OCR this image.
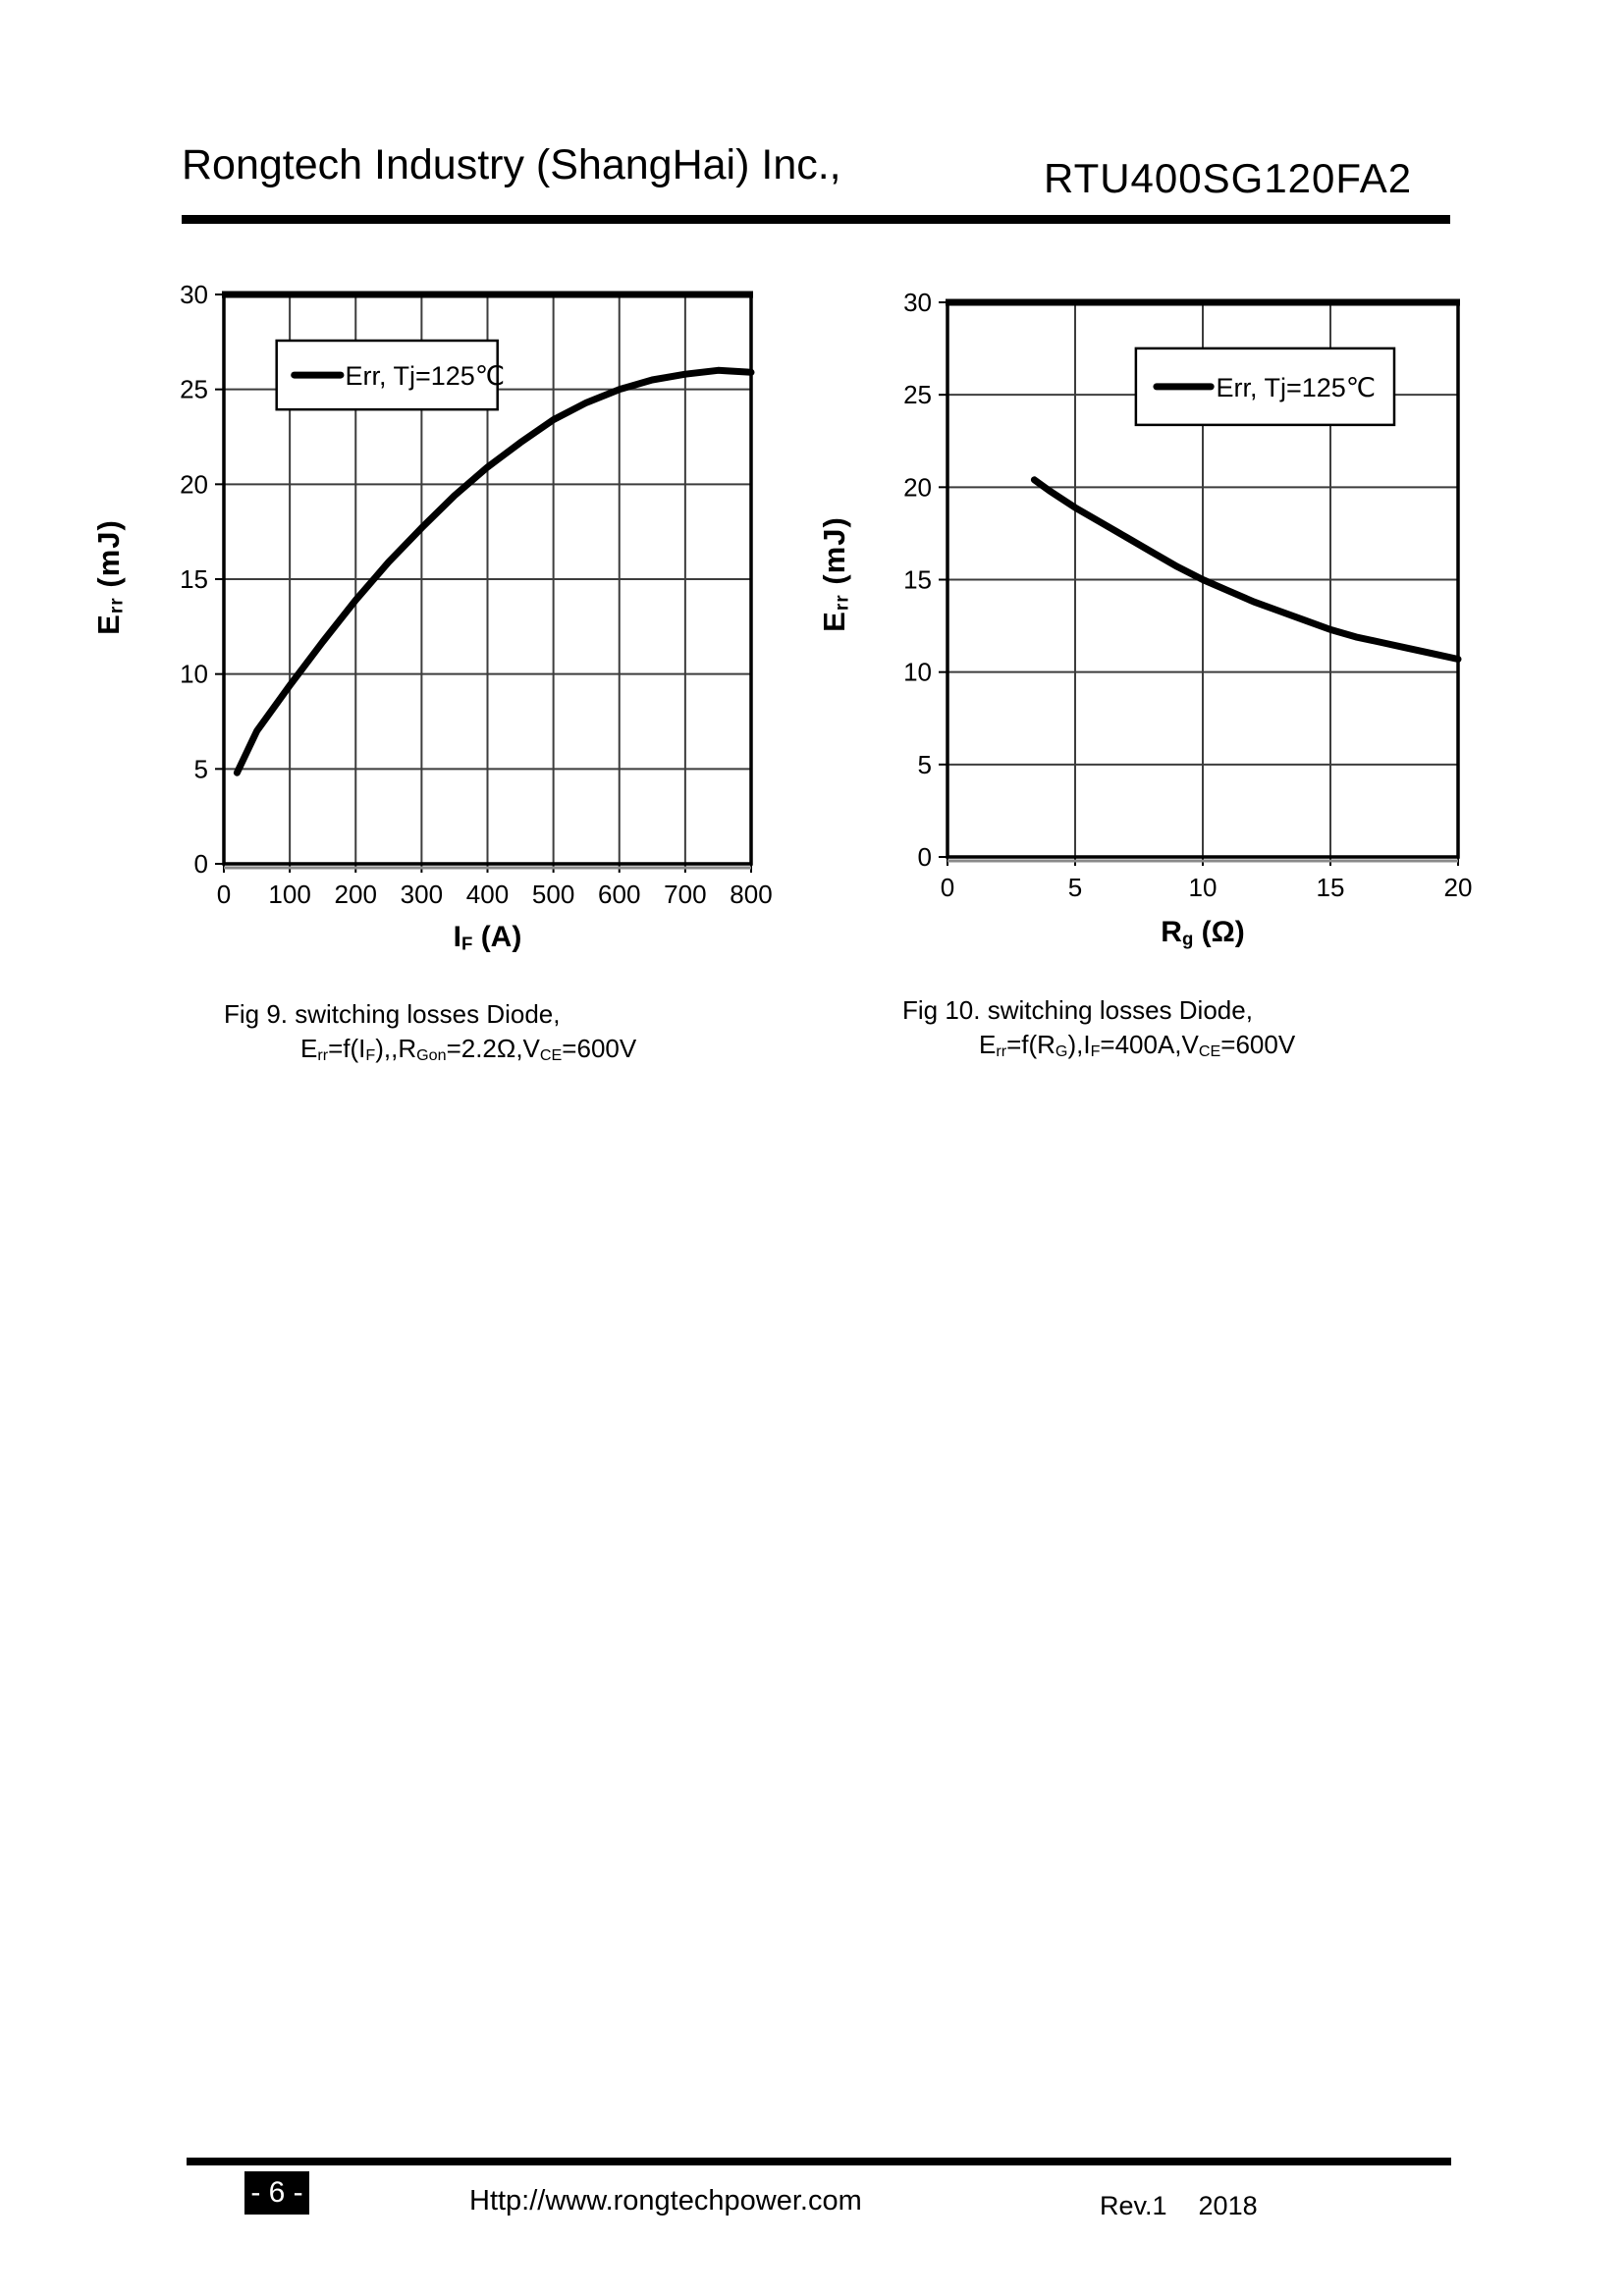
Rongtech Industry (ShangHai) Inc.,	RTU400SG120FA2
0 100 200 300 400 500 600 700 800
0
5
10
15
20
25
30
Err, Tj=125℃
$E_{rr}$ (mJ)
$I_F$ (A)
Fig 9. switching losses Diode,
$E_{rr}=f(I_F),,R_{Gon}=2.2\Omega,V_{CE}=600V$
0	5	10	15	20
0
5
10
15
20
25
30
Err, Tj=125℃
$E_{rr}$ (mJ)
$R_g$ (Ω)
Fig 10. switching losses Diode,
$E_{rr}=f(R_G),I_F=400A,V_{CE}=600V$
- 6 -	Http://www.rongtechpower.com	Rev.1 2018
